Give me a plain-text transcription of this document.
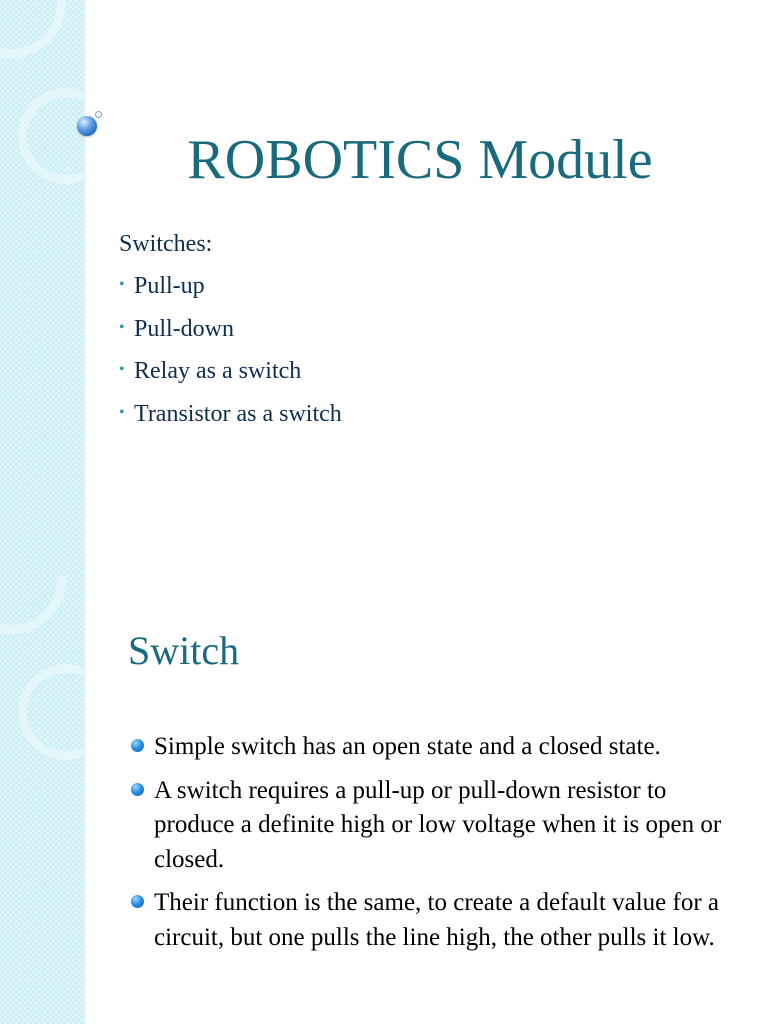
ROBOTICS Module

Switches:

• Pull-up
• Pull-down
• Relay as a switch
• Transistor as a switch
Switch
Simple switch has an open state and a closed state.
A switch requires a pull-up or pull-down resistor to produce a definite high or low voltage when it is open or closed.
Their function is the same, to create a default value for a circuit, but one pulls the line high, the other pulls it low.
